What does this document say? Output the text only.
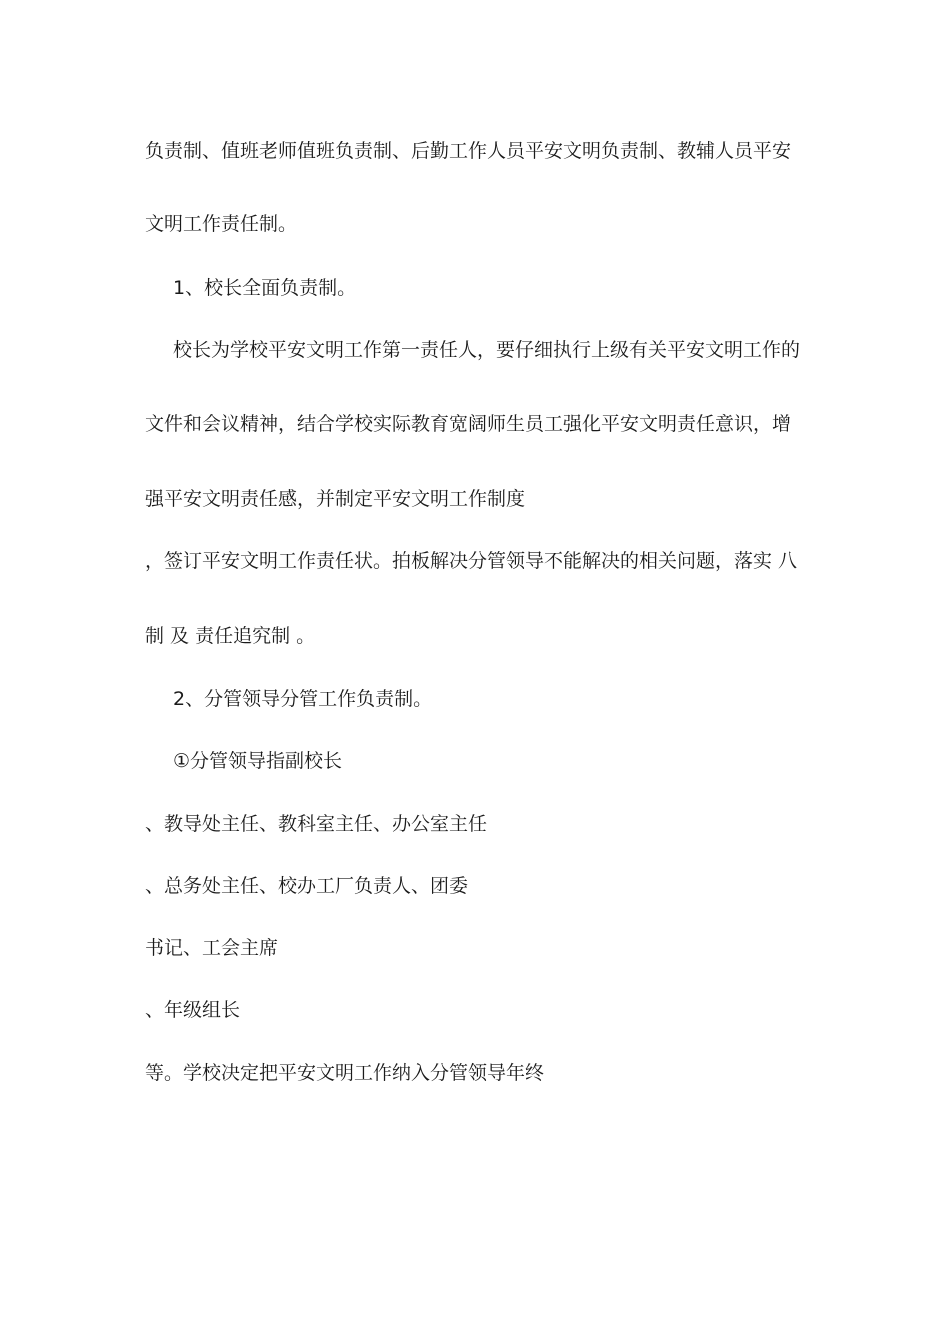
负责制、值班老师值班负责制、后勤工作人员平安文明负责制、教辅人员平安
文明工作责任制。
1、校长全面负责制。
校长为学校平安文明工作第一责任人，要仔细执行上级有关平安文明工作的
文件和会议精神，结合学校实际教育宽阔师生员工强化平安文明责任意识，增
强平安文明责任感，并制定平安文明工作制度
，签订平安文明工作责任状。拍板解决分管领导不能解决的相关问题，落实 八
制 及 责任追究制 。
2、分管领导分管工作负责制。
①分管领导指副校长
、教导处主任、教科室主任、办公室主任
、总务处主任、校办工厂负责人、团委
书记、工会主席
、年级组长
等。学校决定把平安文明工作纳入分管领导年终
